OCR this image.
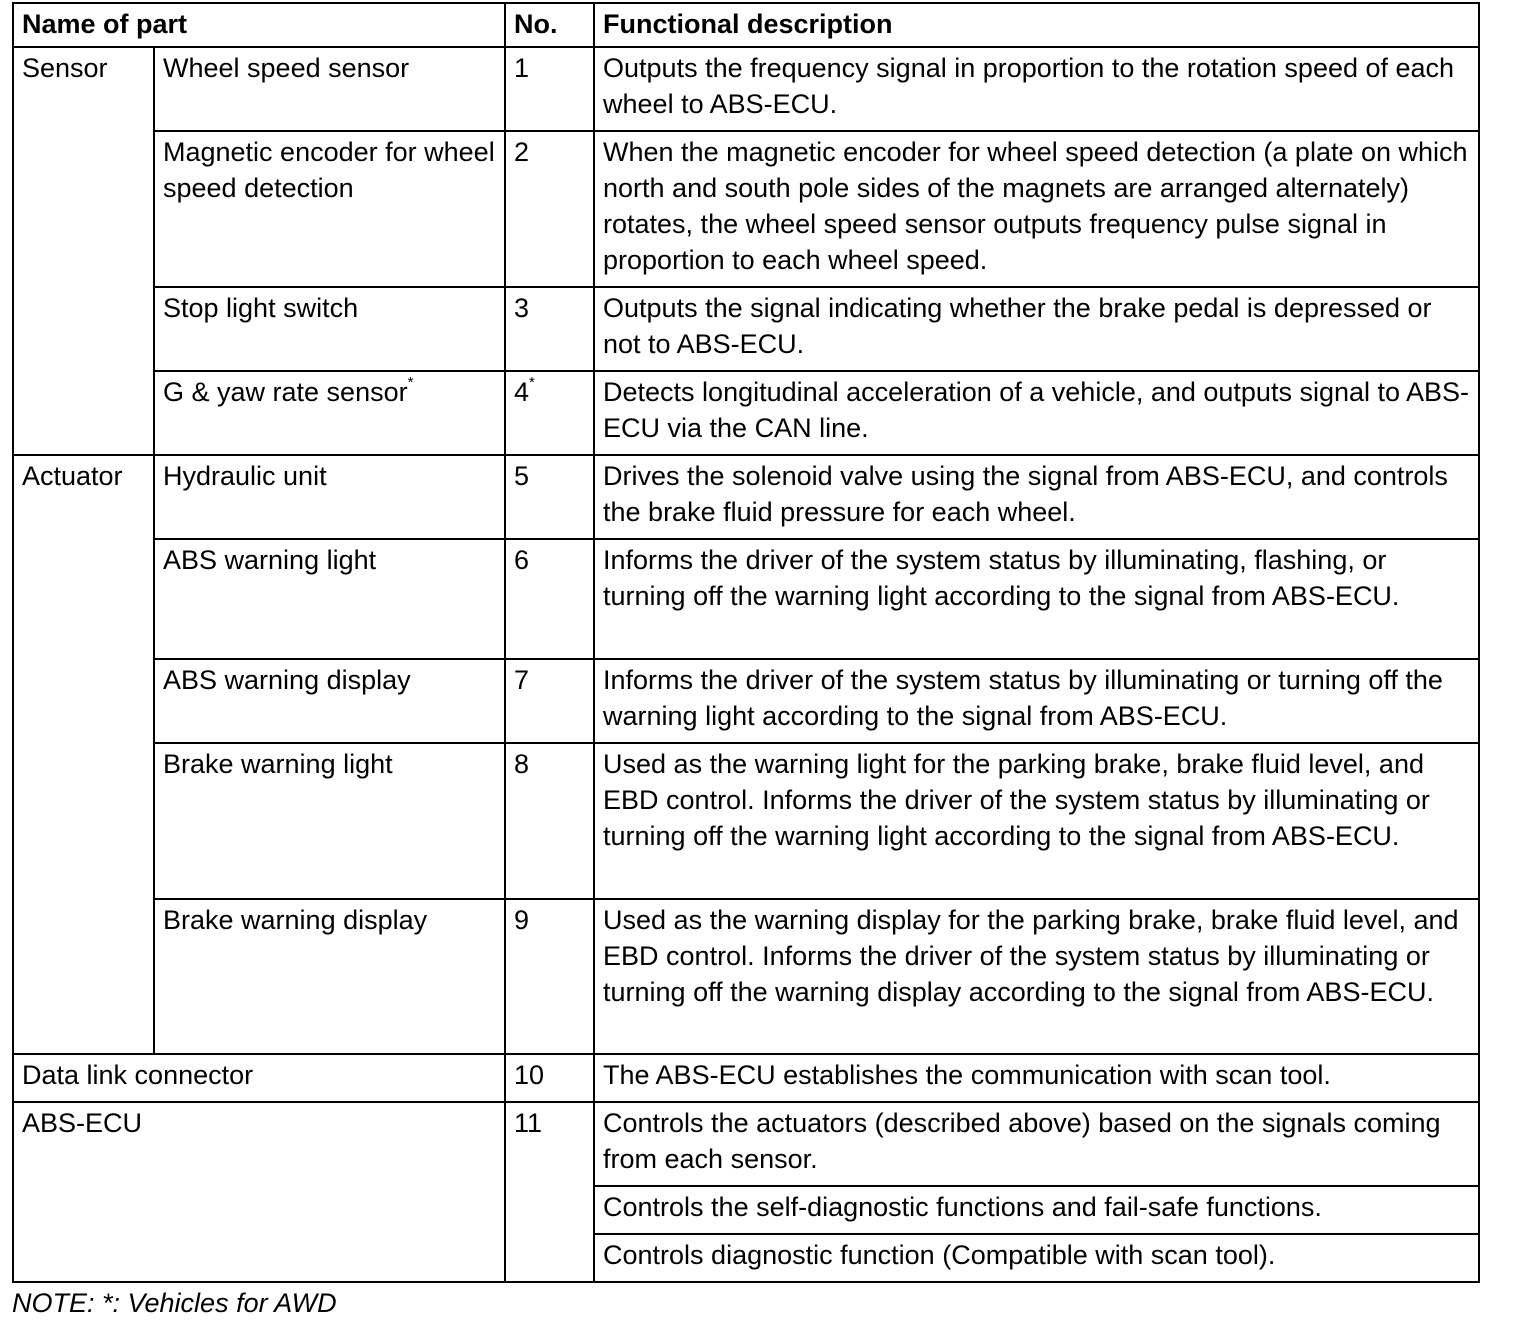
Name of part		No.	Functional description
Sensor	Wheel speed sensor	1	Outputs the frequency signal in proportion to the rotation speed of each wheel to ABS-ECU.
	Magnetic encoder for wheel speed detection	2	When the magnetic encoder for wheel speed detection (a plate on which north and south pole sides of the magnets are arranged alternately) rotates, the wheel speed sensor outputs frequency pulse signal in proportion to each wheel speed.
	Stop light switch	3	Outputs the signal indicating whether the brake pedal is depressed or not to ABS-ECU.
	G & yaw rate sensor*	4*	Detects longitudinal acceleration of a vehicle, and outputs signal to ABS-ECU via the CAN line.
Actuator	Hydraulic unit	5	Drives the solenoid valve using the signal from ABS-ECU, and controls the brake fluid pressure for each wheel.
	ABS warning light	6	Informs the driver of the system status by illuminating, flashing, or turning off the warning light according to the signal from ABS-ECU.
	ABS warning display	7	Informs the driver of the system status by illuminating or turning off the warning light according to the signal from ABS-ECU.
	Brake warning light	8	Used as the warning light for the parking brake, brake fluid level, and EBD control. Informs the driver of the system status by illuminating or turning off the warning light according to the signal from ABS-ECU.
	Brake warning display	9	Used as the warning display for the parking brake, brake fluid level, and EBD control. Informs the driver of the system status by illuminating or turning off the warning display according to the signal from ABS-ECU.
Data link connector		10	The ABS-ECU establishes the communication with scan tool.
ABS-ECU		11	Controls the actuators (described above) based on the signals coming from each sensor.
			Controls the self-diagnostic functions and fail-safe functions.
			Controls diagnostic function (Compatible with scan tool).
NOTE: *: Vehicles for AWD
